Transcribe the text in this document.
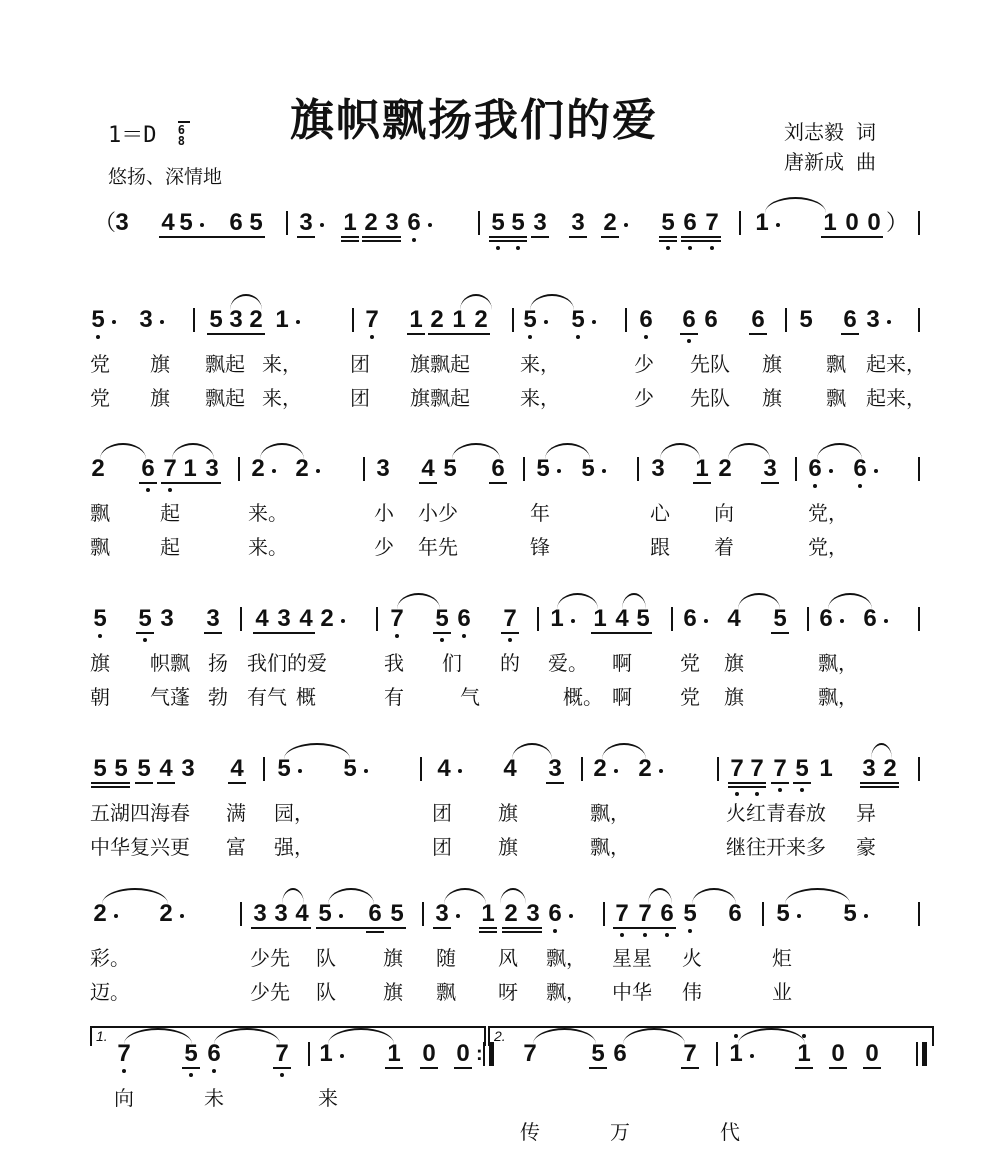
旗帜飘扬我们的爱
$1=D \frac{6}{8}$
悠扬、深情地
刘志毅 词
唐新成 曲
（ 3 4 5 6 5 3 1 2 3 6	5 5 3 3 2 5 6 7 1 1 0 0 ）
5 3 5 3 2 1	7 1 2 1 2 5 5 6 6 6 6 5 6 3
党 旗 飘起 来， 团 旗飘起	来，	少 先队 旗 飘 起来，
党 旗 飘起 来， 团 旗飘起	来，	少 先队 旗 飘 起来，
2 6 7 1 3 2 2	3 4 5 6 5 5 3 1 2 3 6 6
飘	起	来。	小 小少	年	心 向	党，
飘	起	来。	少 年先	锋	跟 着	党，
5 5 3 3 4 3 4 2 7 5 6 7 1 1 4 5 6 4 5 6 6
旗 帜飘 扬 我们的爱	我 们 的 爱。 啊 党 旗	飘，
朝 气蓬 勃 有气 概	有	气	概。 啊 党 旗	飘，
5 5 5 4 3 4 5 5	4 4 3 2 2	7 7 7 5 1 3 2
五湖四海春 满 园，	团 旗	飘，	火红青春放 异
中华复兴更 富 强，	团 旗	飘，	继往开来多 豪
2 2	3 3 4 5 6 5 3 1 2 3 6 7 7 6 5 6 5 5
彩。	少先 队 旗 随 风 飘， 星星 火	炬
迈。	少先 队 旗 飘 呀 飘， 中华 伟	业
1.	2.
7 5 6 7 1 1 0 0 : 7 5 6 7 1 1 0 0
向	未	来
传	万	代
